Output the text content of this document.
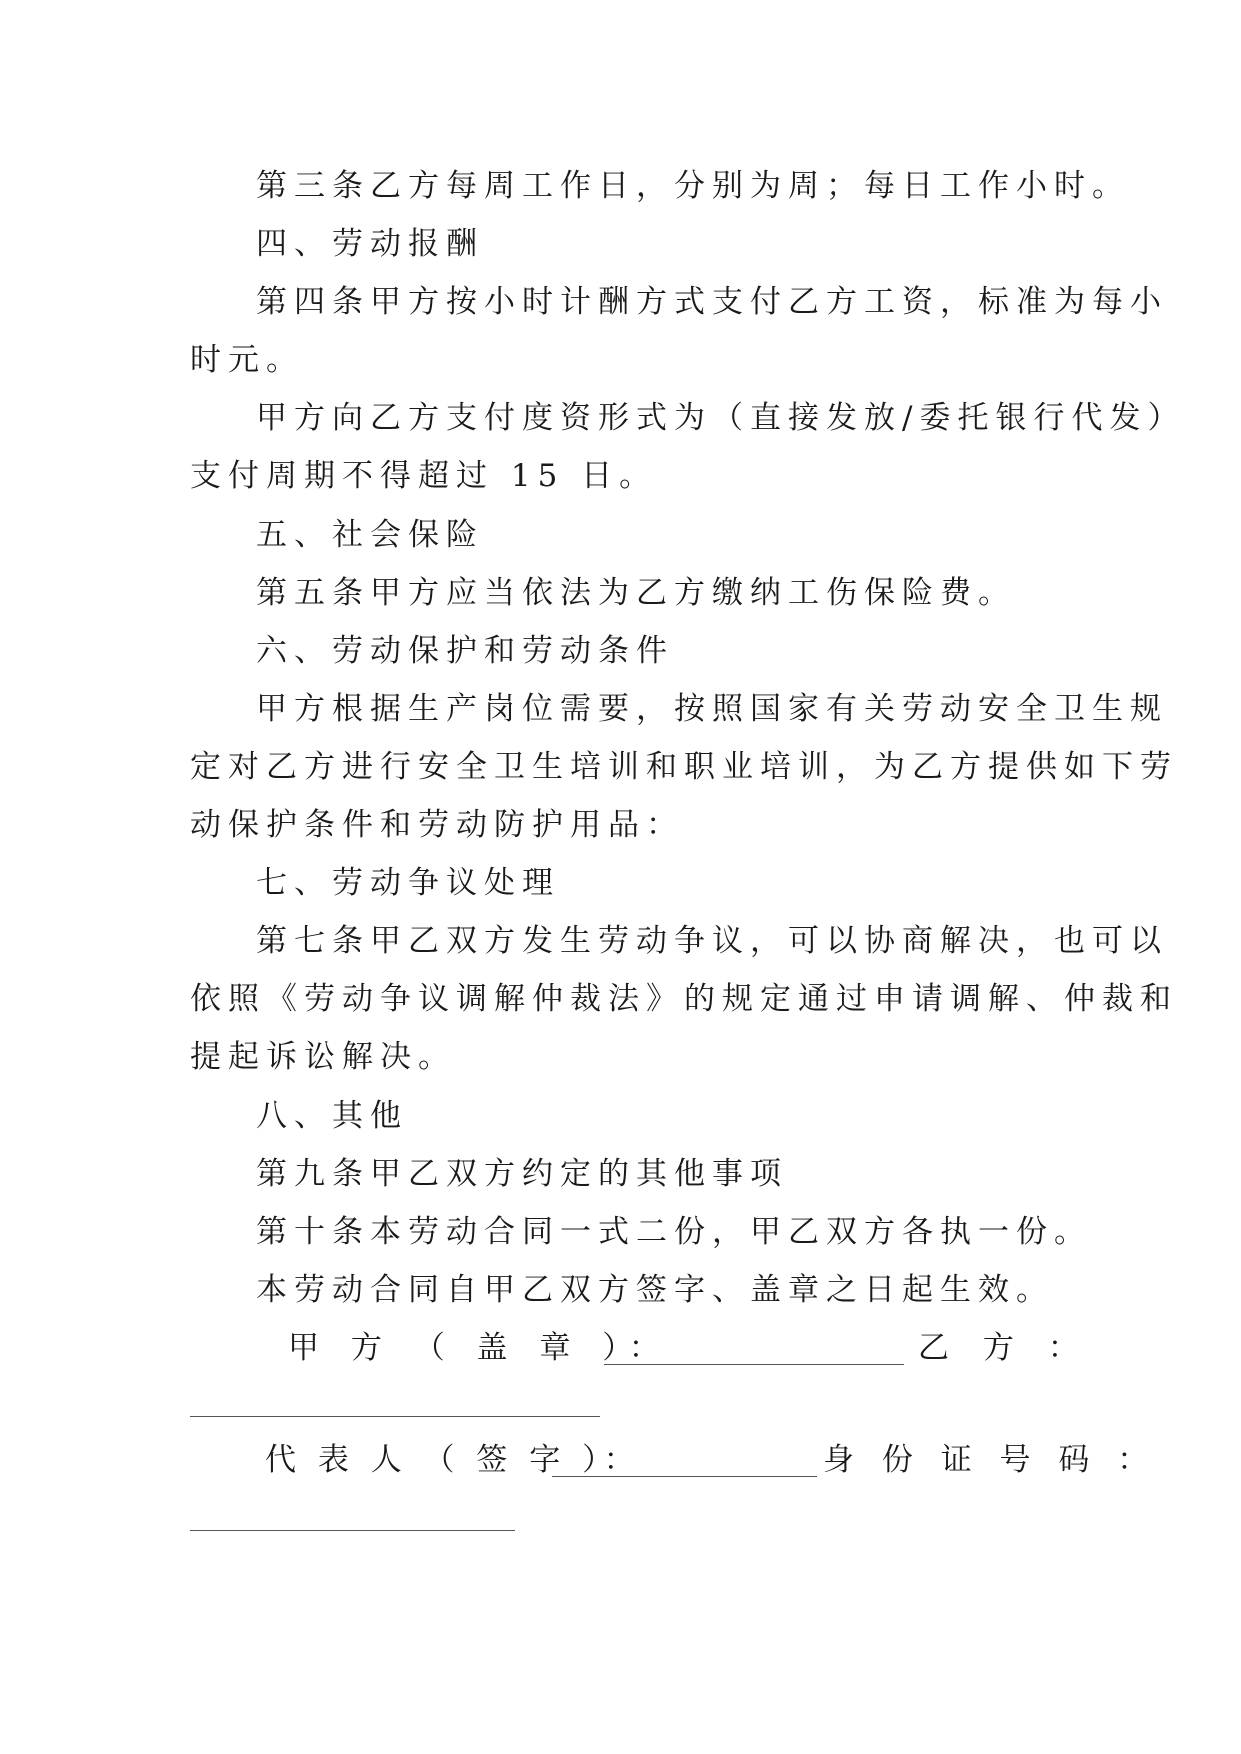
第三条乙方每周工作日，分别为周；每日工作小时。
四、劳动报酬
第四条甲方按小时计酬方式支付乙方工资，标准为每小
时元。
甲方向乙方支付度资形式为（直接发放/委托银行代发）
支付周期不得超过 15 日。
五、社会保险
第五条甲方应当依法为乙方缴纳工伤保险费。
六、劳动保护和劳动条件
甲方根据生产岗位需要，按照国家有关劳动安全卫生规
定对乙方进行安全卫生培训和职业培训，为乙方提供如下劳
动保护条件和劳动防护用品：
七、劳动争议处理
第七条甲乙双方发生劳动争议，可以协商解决，也可以
依照《劳动争议调解仲裁法》的规定通过申请调解、仲裁和
提起诉讼解决。
八、其他
第九条甲乙双方约定的其他事项
第十条本劳动合同一式二份，甲乙双方各执一份。
本劳动合同自甲乙双方签字、盖章之日起生效。
甲 方 （ 盖 章 ）：	乙 方 ：
代 表 人 （ 签 字 ）：	身 份 证 号 码 ：
